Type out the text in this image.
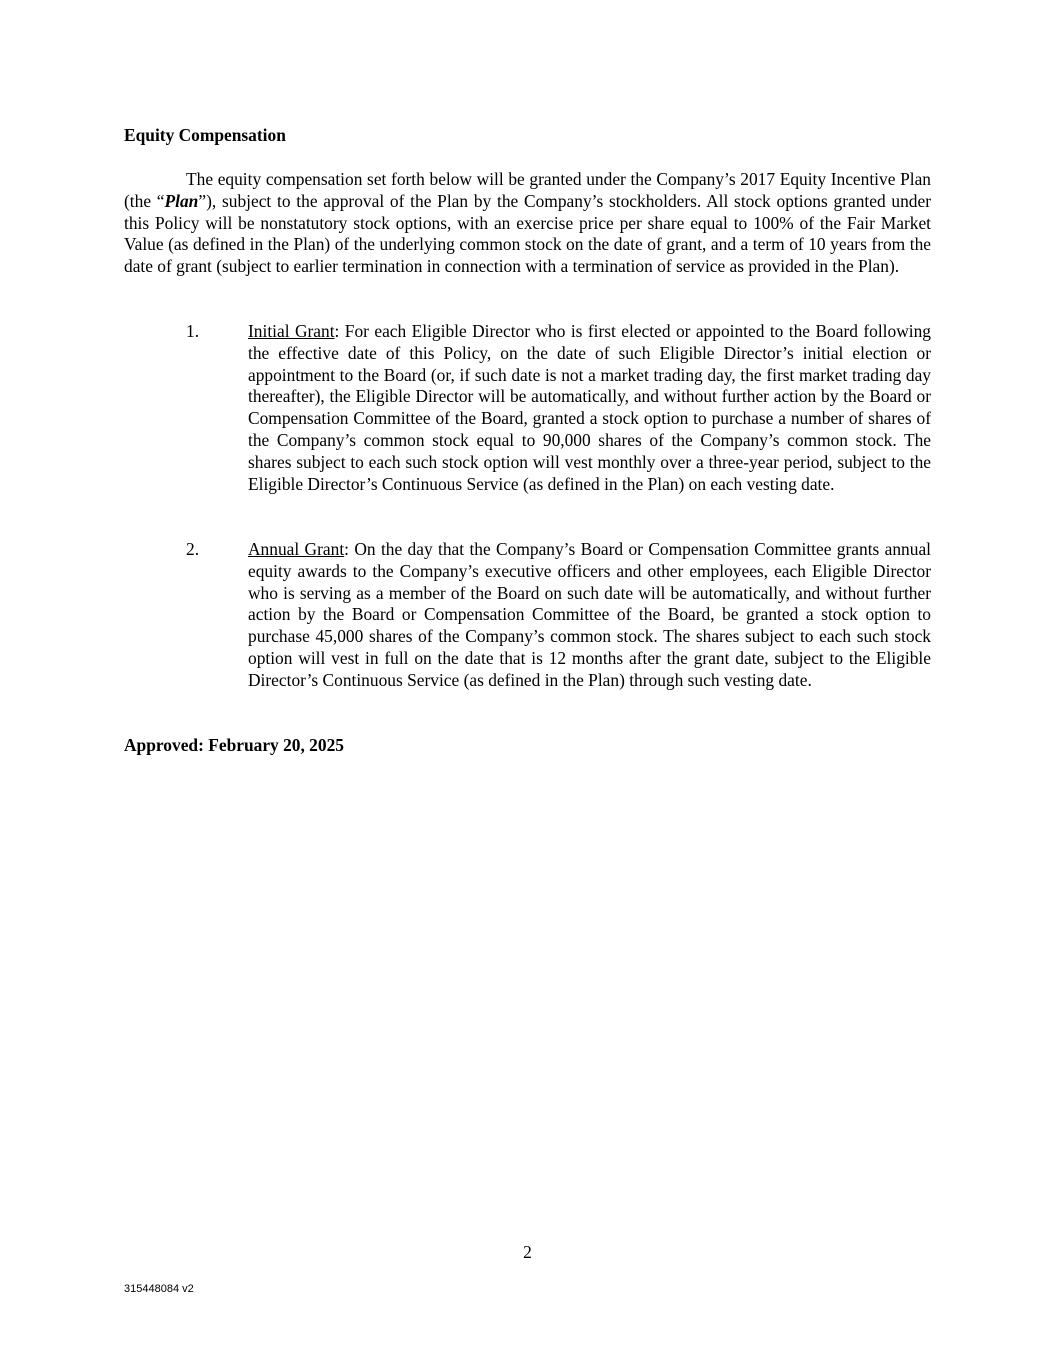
Equity Compensation

The equity compensation set forth below will be granted under the Company’s 2017 Equity Incentive Plan (the “Plan”), subject to the approval of the Plan by the Company’s stockholders. All stock options granted under this Policy will be nonstatutory stock options, with an exercise price per share equal to 100% of the Fair Market Value (as defined in the Plan) of the underlying common stock on the date of grant, and a term of 10 years from the date of grant (subject to earlier termination in connection with a termination of service as provided in the Plan).

1.	Initial Grant: For each Eligible Director who is first elected or appointed to the Board following the effective date of this Policy, on the date of such Eligible Director’s initial election or appointment to the Board (or, if such date is not a market trading day, the first market trading day thereafter), the Eligible Director will be automatically, and without further action by the Board or Compensation Committee of the Board, granted a stock option to purchase a number of shares of the Company’s common stock equal to 90,000 shares of the Company’s common stock. The shares subject to each such stock option will vest monthly over a three-year period, subject to the Eligible Director’s Continuous Service (as defined in the Plan) on each vesting date.

2.	Annual Grant: On the day that the Company’s Board or Compensation Committee grants annual equity awards to the Company’s executive officers and other employees, each Eligible Director who is serving as a member of the Board on such date will be automatically, and without further action by the Board or Compensation Committee of the Board, be granted a stock option to purchase 45,000 shares of the Company’s common stock. The shares subject to each such stock option will vest in full on the date that is 12 months after the grant date, subject to the Eligible Director’s Continuous Service (as defined in the Plan) through such vesting date.

Approved: February 20, 2025

2
315448084 v2
